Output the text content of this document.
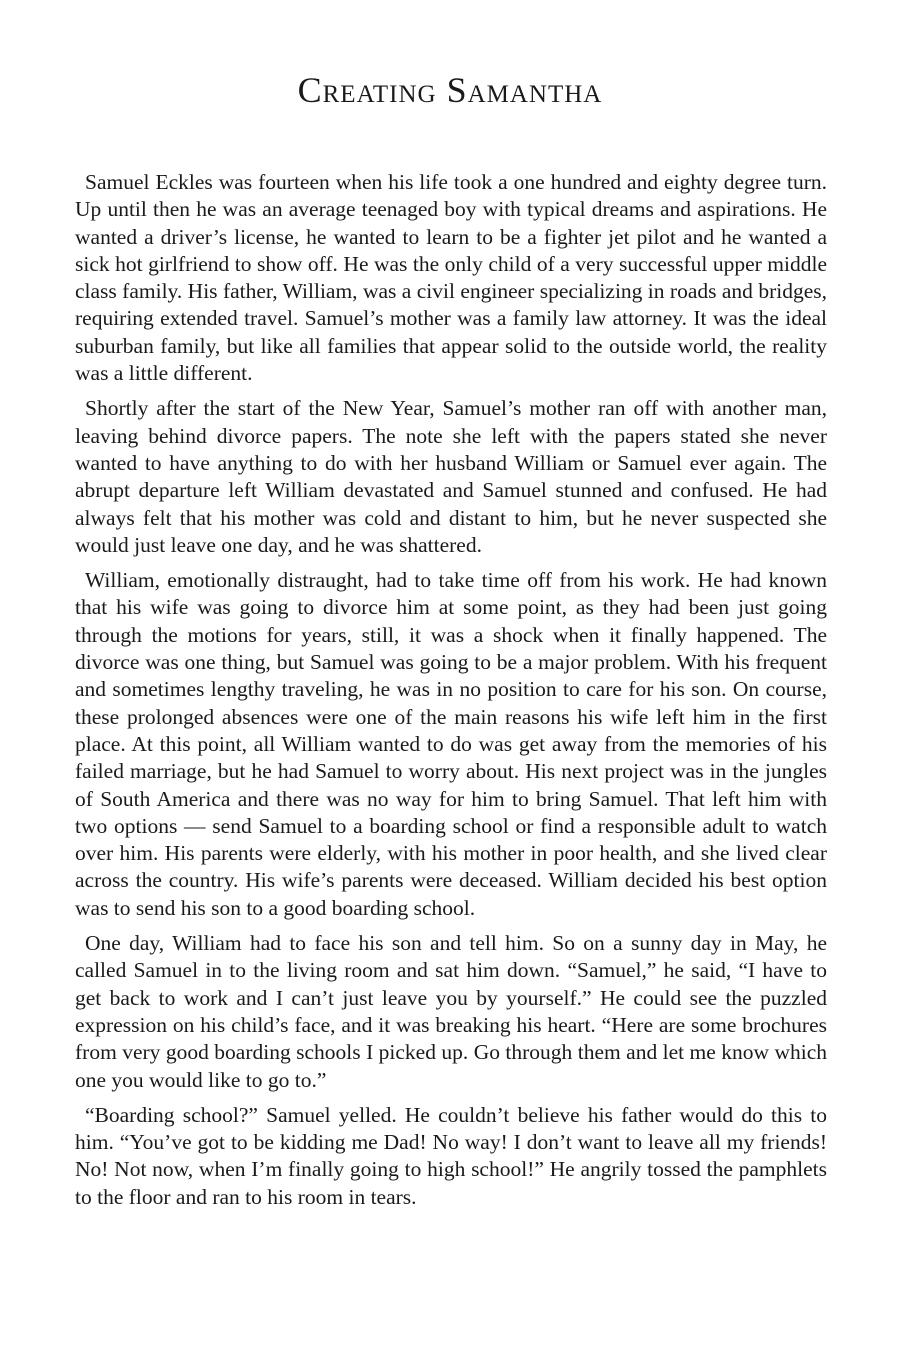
Creating Samantha

Samuel Eckles was fourteen when his life took a one hundred and eighty degree turn. Up until then he was an average teenaged boy with typical dreams and aspirations. He wanted a driver’s license, he wanted to learn to be a fighter jet pilot and he wanted a sick hot girlfriend to show off. He was the only child of a very successful upper middle class family. His father, William, was a civil engineer specializing in roads and bridges, requiring extended travel. Samuel’s mother was a family law attorney. It was the ideal suburban family, but like all families that appear solid to the outside world, the reality was a little different.

Shortly after the start of the New Year, Samuel’s mother ran off with another man, leaving behind divorce papers. The note she left with the papers stated she never wanted to have anything to do with her husband William or Samuel ever again. The abrupt departure left William devastated and Samuel stunned and confused. He had always felt that his mother was cold and distant to him, but he never suspected she would just leave one day, and he was shattered.

William, emotionally distraught, had to take time off from his work. He had known that his wife was going to divorce him at some point, as they had been just going through the motions for years, still, it was a shock when it finally happened. The divorce was one thing, but Samuel was going to be a major problem. With his frequent and sometimes lengthy traveling, he was in no position to care for his son. On course, these prolonged absences were one of the main reasons his wife left him in the first place. At this point, all William wanted to do was get away from the memories of his failed marriage, but he had Samuel to worry about. His next project was in the jungles of South America and there was no way for him to bring Samuel. That left him with two options — send Samuel to a boarding school or find a responsible adult to watch over him. His parents were elderly, with his mother in poor health, and she lived clear across the country. His wife’s parents were deceased. William decided his best option was to send his son to a good boarding school.

One day, William had to face his son and tell him. So on a sunny day in May, he called Samuel in to the living room and sat him down. “Samuel,” he said, “I have to get back to work and I can’t just leave you by yourself.” He could see the puzzled expression on his child’s face, and it was breaking his heart. “Here are some brochures from very good boarding schools I picked up. Go through them and let me know which one you would like to go to.”

“Boarding school?” Samuel yelled. He couldn’t believe his father would do this to him. “You’ve got to be kidding me Dad! No way! I don’t want to leave all my friends! No! Not now, when I’m finally going to high school!” He angrily tossed the pamphlets to the floor and ran to his room in tears.
